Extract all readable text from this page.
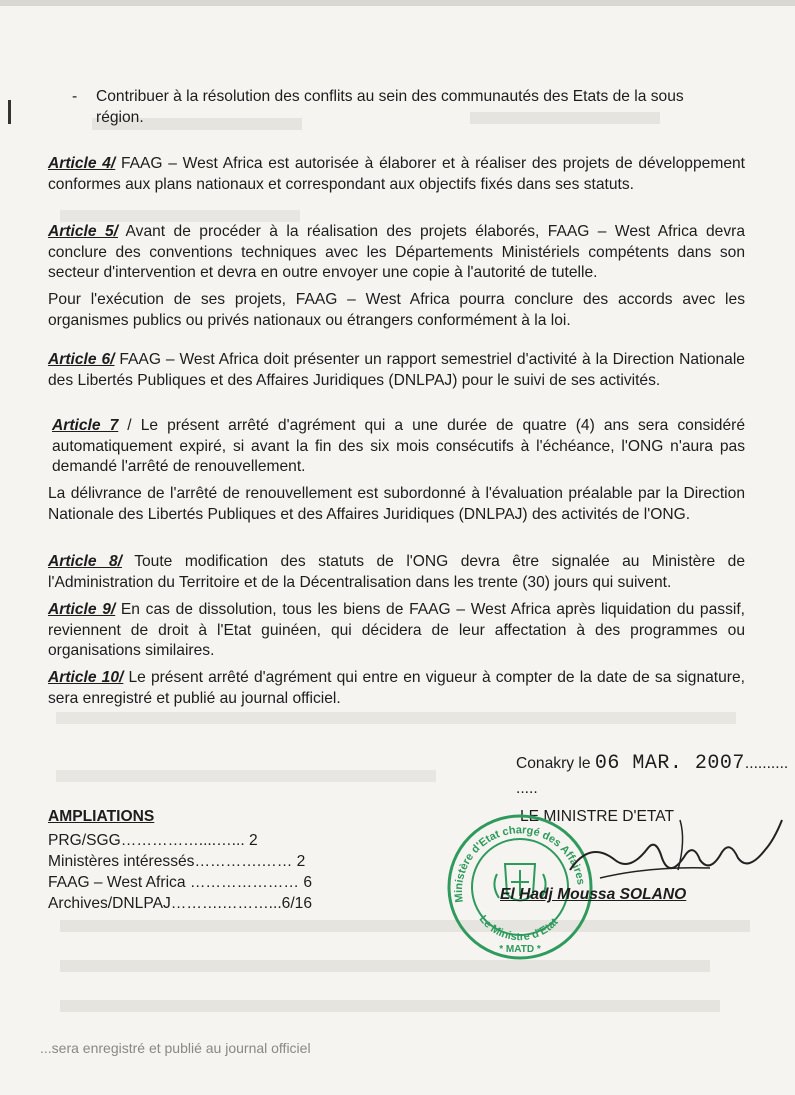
- Contribuer à la résolution des conflits au sein des communautés des Etats de la sous région.
Article 4/ FAAG – West Africa est autorisée à élaborer et à réaliser des projets de développement conformes aux plans nationaux et correspondant aux objectifs fixés dans ses statuts.
Article 5/ Avant de procéder à la réalisation des projets élaborés, FAAG – West Africa devra conclure des conventions techniques avec les Départements Ministériels compétents dans son secteur d'intervention et devra en outre envoyer une copie à l'autorité de tutelle.
Pour l'exécution de ses projets, FAAG – West Africa pourra conclure des accords avec les organismes publics ou privés nationaux ou étrangers conformément à la loi.
Article 6/ FAAG – West Africa doit présenter un rapport semestriel d'activité à la Direction Nationale des Libertés Publiques et des Affaires Juridiques (DNLPAJ) pour le suivi de ses activités.
Article 7 / Le présent arrêté d'agrément qui a une durée de quatre (4) ans sera considéré automatiquement expiré, si avant la fin des six mois consécutifs à l'échéance, l'ONG n'aura pas demandé l'arrêté de renouvellement.
La délivrance de l'arrêté de renouvellement est subordonné à l'évaluation préalable par la Direction Nationale des Libertés Publiques et des Affaires Juridiques (DNLPAJ) des activités de l'ONG.
Article 8/ Toute modification des statuts de l'ONG devra être signalée au Ministère de l'Administration du Territoire et de la Décentralisation dans les trente (30) jours qui suivent.
Article 9/ En cas de dissolution, tous les biens de FAAG – West Africa après liquidation du passif, reviennent de droit à l'Etat guinéen, qui décidera de leur affectation à des programmes ou organisations similaires.
Article 10/ Le présent arrêté d'agrément qui entre en vigueur à compter de la date de sa signature, sera enregistré et publié au journal officiel.
Conakry le 06 MAR. 2007..........
.....
AMPLIATIONS
PRG/SGG……………....…... 2
Ministères intéressés………….…… 2
FAAG – West Africa ………………… 6
Archives/DNLPAJ……….………...6/16
LE MINISTRE D'ETAT
Ministère d'Etat chargé des Affaires
Le Ministre d'Etat
* MATD *
El Hadj Moussa SOLANO
...sera enregistré et publié au journal officiel
